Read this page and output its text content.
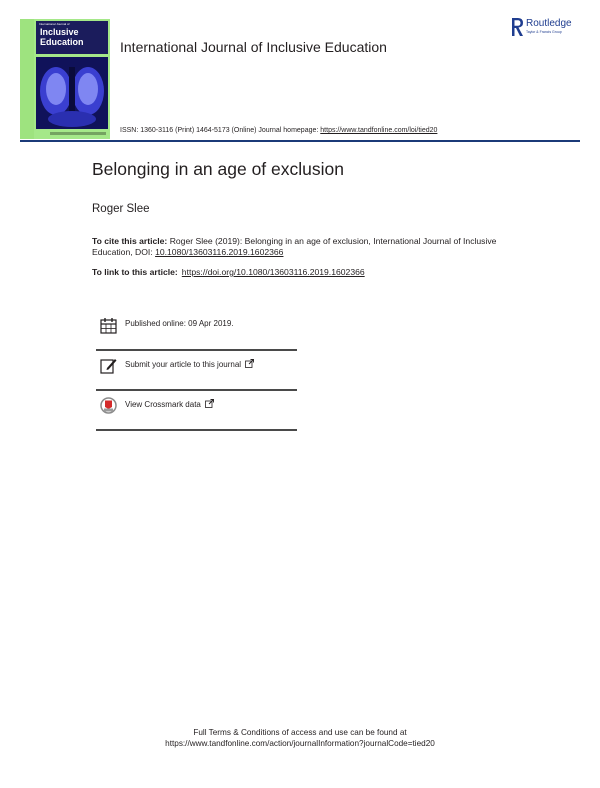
International Journal of
Inclusive
Education	International Journal of Inclusive Education
Routledge
Taylor & Francis Group
ISSN: 1360-3116 (Print) 1464-5173 (Online) Journal homepage: https://www.tandfonline.com/loi/tied20
Belonging in an age of exclusion
Roger Slee
To cite this article: Roger Slee (2019): Belonging in an age of exclusion, International Journal of Inclusive Education, DOI: 10.1080/13603116.2019.1602366
To link to this article: https://doi.org/10.1080/13603116.2019.1602366
Published online: 09 Apr 2019.
Submit your article to this journal
View Crossmark data
Full Terms & Conditions of access and use can be found at
https://www.tandfonline.com/action/journalInformation?journalCode=tied20
